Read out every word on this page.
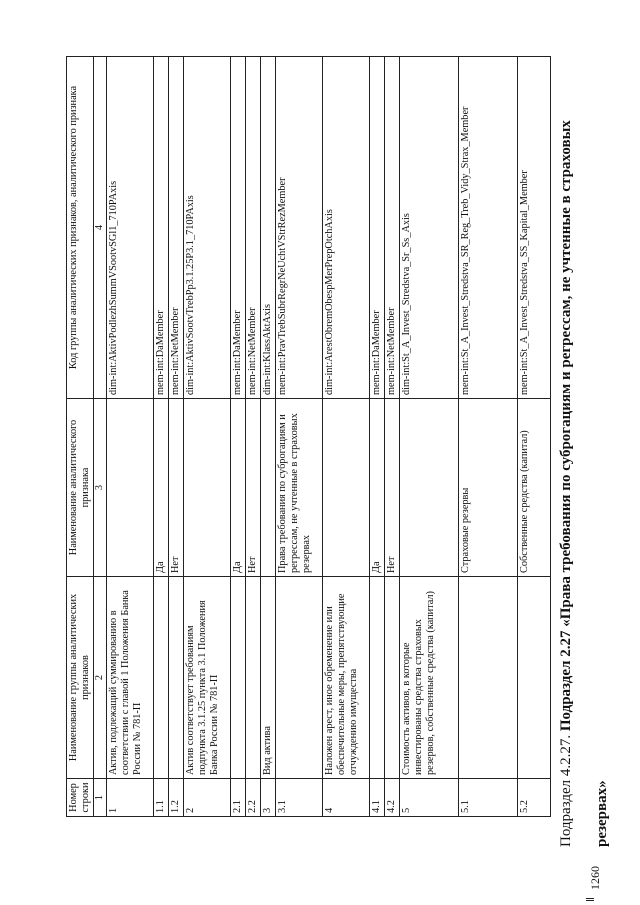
Подраздел 4.2.27. Подраздел 2.27 «Права требования по суброгациям и регрессам, не учтенные в страховых резервах»
Номер строки	Наименование группы аналитических признаков	Наименование аналитического признака	Код группы аналитических признаков, аналитического признака
1	2	3	4
1	Актив, подлежащий суммированию в соответствии с главой 1 Положения Банка России № 781-П		dim-int:AktivPodlezhSummVSootvSGl1_710PAxis
1.1		Да	mem-int:DaMember
1.2		Нет	mem-int:NetMember
2	Актив соответствует требованиям подпункта 3.1.25 пункта 3.1 Положения Банка России № 781-П		dim-int:AktivSootvTrebPp3.1.25P3.1_710PAxis
2.1		Да	mem-int:DaMember
2.2		Нет	mem-int:NetMember
3	Вид актива		dim-int:KlassAktAxis
3.1		Права требования по суброгациям и регрессам, не учтенные в страховых резервах	mem-int:PravTrebSubrRegrNeUchtVStrRezMember
4	Наложен арест, иное обременение или обеспечительные меры, препятствующие отчуждению имущества		dim-int:ArestObremObespMerPrepOtchAxis
4.1		Да	mem-int:DaMember
4.2		Нет	mem-int:NetMember
5	Стоимость активов, в которые инвестированы средства страховых резервов, собственные средства (капитал)		dim-int:St_A_Invest_Stredstva_Sr_Ss_Axis
5.1		Страховые резервы	mem-int:St_A_Invest_Stredstva_SR_Reg_Treb_Vidy_Strax_Member
5.2		Собственные средства (капитал)	mem-int:St_A_Invest_Stredstva_SS_Kapital_Member
1260
